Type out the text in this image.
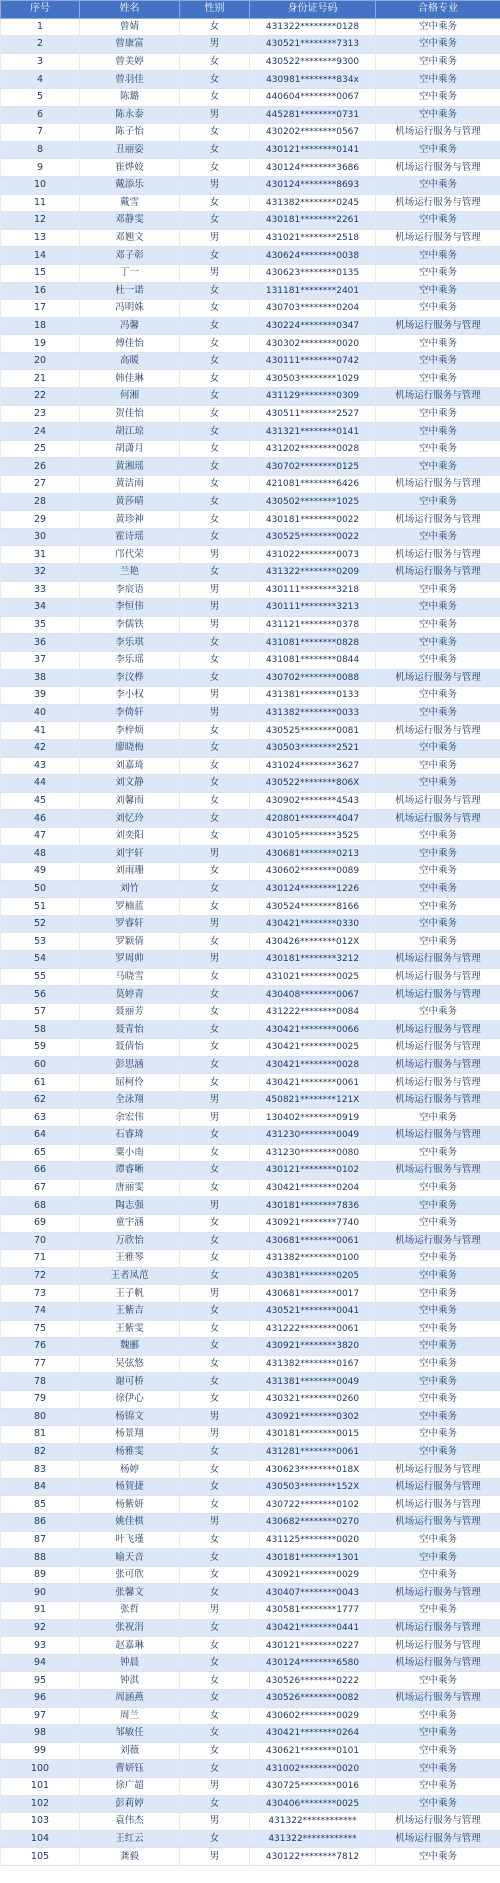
序号	姓名	性别	身份证号码	合格专业
1	曾婧	女	431322********0128	空中乘务
2	曾康富	男	430521********7313	空中乘务
3	曾美婷	女	430522********9300	空中乘务
4	曾羽佳	女	430981********834x	空中乘务
5	陈璐	女	440604********0067	空中乘务
6	陈永泰	男	445281********0731	空中乘务
7	陈子怡	女	430202********0567	机场运行服务与管理
8	丑丽姿	女	430121********0141	空中乘务
9	崔烨姣	女	430124********3686	机场运行服务与管理
10	戴添乐	男	430124********8693	空中乘务
11	戴雪	女	431382********0245	机场运行服务与管理
12	邓静雯	女	430181********2261	空中乘务
13	邓翘文	男	431021********2518	机场运行服务与管理
14	邓子彰	女	430624********0038	空中乘务
15	丁一	男	430623********0135	空中乘务
16	杜一诺	女	131181********2401	空中乘务
17	冯明姝	女	430703********0204	空中乘务
18	冯馨	女	430224********0347	机场运行服务与管理
19	傅佳怡	女	430302********0020	空中乘务
20	高暖	女	430111********0742	空中乘务
21	韩佳琳	女	430503********1029	空中乘务
22	何湘	女	431129********0309	机场运行服务与管理
23	贺佳怡	女	430511********2527	空中乘务
24	胡江琼	女	431321********0141	空中乘务
25	胡潇月	女	431202********0028	空中乘务
26	黄湘瑶	女	430702********0125	空中乘务
27	黄洁雨	女	421081********6426	机场运行服务与管理
28	黄莎晴	女	430502********1025	空中乘务
29	黄珍神	女	430181********0022	机场运行服务与管理
30	霍诗瑶	女	430525********0022	空中乘务
31	邝代荣	男	431022********0073	机场运行服务与管理
32	兰艳	女	431322********0209	机场运行服务与管理
33	李宸语	男	430111********3218	空中乘务
34	李恒伟	男	430111********3213	空中乘务
35	李儒铁	男	431121********0378	空中乘务
36	李乐琪	女	431081********0828	空中乘务
37	李乐瑶	女	431081********0844	空中乘务
38	李汶桦	女	430702********0088	机场运行服务与管理
39	李小权	男	431381********0133	空中乘务
40	李倚轩	男	431382********0033	空中乘务
41	李梓烦	女	430525********0081	机场运行服务与管理
42	廖晓梅	女	430503********2521	空中乘务
43	刘嘉琦	女	431024********3627	空中乘务
44	刘文静	女	430522********806X	空中乘务
45	刘馨雨	女	430902********4543	机场运行服务与管理
46	刘忆玲	女	420801********4047	机场运行服务与管理
47	刘奕阳	女	430105********3525	空中乘务
48	刘宇轩	男	430681********0213	空中乘务
49	刘雨珊	女	430602********0089	空中乘务
50	刘竹	女	430124********1226	空中乘务
51	罗楠蓝	女	430524********8166	空中乘务
52	罗睿轩	男	430421********0330	空中乘务
53	罗颖倩	女	430426********012X	空中乘务
54	罗周帅	男	430181********3212	机场运行服务与管理
55	马晓雪	女	431021********0025	机场运行服务与管理
56	莫婷青	女	430408********0067	机场运行服务与管理
57	聂丽芳	女	431222********0084	空中乘务
58	聂青怡	女	430421********0066	机场运行服务与管理
59	聂倩怡	女	430421********0025	机场运行服务与管理
60	彭思涵	女	430421********0028	机场运行服务与管理
61	屈柯伶	女	430421********0061	机场运行服务与管理
62	全泳翔	男	450821********121X	机场运行服务与管理
63	余宏伟	男	130402********0919	空中乘务
64	石睿琦	女	431230********0049	机场运行服务与管理
65	粟小南	女	431230********0080	空中乘务
66	谭睿晰	女	430121********0102	机场运行服务与管理
67	唐丽雯	女	430421********0204	空中乘务
68	陶志强	男	430181********7836	空中乘务
69	童宇涵	女	430921********7740	空中乘务
70	万欣怡	女	430681********0061	机场运行服务与管理
71	王雅琴	女	431382********0100	空中乘务
72	王者凤范	女	430381********0205	空中乘务
73	王子帆	男	430681********0017	空中乘务
74	王紫吉	女	430521********0041	空中乘务
75	王紫雯	女	431222********0061	空中乘务
76	魏郦	女	430921********3820	空中乘务
77	吴弦悠	女	431382********0167	空中乘务
78	谢可桥	女	431381********0049	空中乘务
79	徐伊心	女	430321********0260	空中乘务
80	杨锦文	男	430921********0302	空中乘务
81	杨景翔	男	430181********0015	空中乘务
82	杨雅雯	女	431281********0061	空中乘务
83	杨婷	女	430623********018X	机场运行服务与管理
84	杨賀捷	女	430503********152X	机场运行服务与管理
85	杨紫妍	女	430722********0102	机场运行服务与管理
86	姚佳棋	男	430682********0270	机场运行服务与管理
87	叶飞瑾	女	431125********0020	空中乘务
88	喻天音	女	430181********1301	空中乘务
89	张可欣	女	430921********0029	空中乘务
90	张馨文	女	430407********0043	机场运行服务与管理
91	张哲	男	430581********1777	空中乘务
92	张祝涓	女	430421********0441	机场运行服务与管理
93	赵嘉琳	女	430121********0227	机场运行服务与管理
94	钟晨	女	430124********6580	机场运行服务与管理
95	钟淇	女	430526********0222	空中乘务
96	周涵燕	女	430526********0082	机场运行服务与管理
97	周兰	女	430602********0029	空中乘务
98	邹敏任	女	430421********0264	空中乘务
99	刘薇	女	430621********0101	空中乘务
100	曹妍钰	女	431002********0020	空中乘务
101	徐广超	男	430725********0016	空中乘务
102	彭莉婷	女	430406********0025	空中乘务
103	袁伟杰	男	431322************	机场运行服务与管理
104	王红云	女	431322************	机场运行服务与管理
105	龚毅	男	430122********7812	空中乘务
